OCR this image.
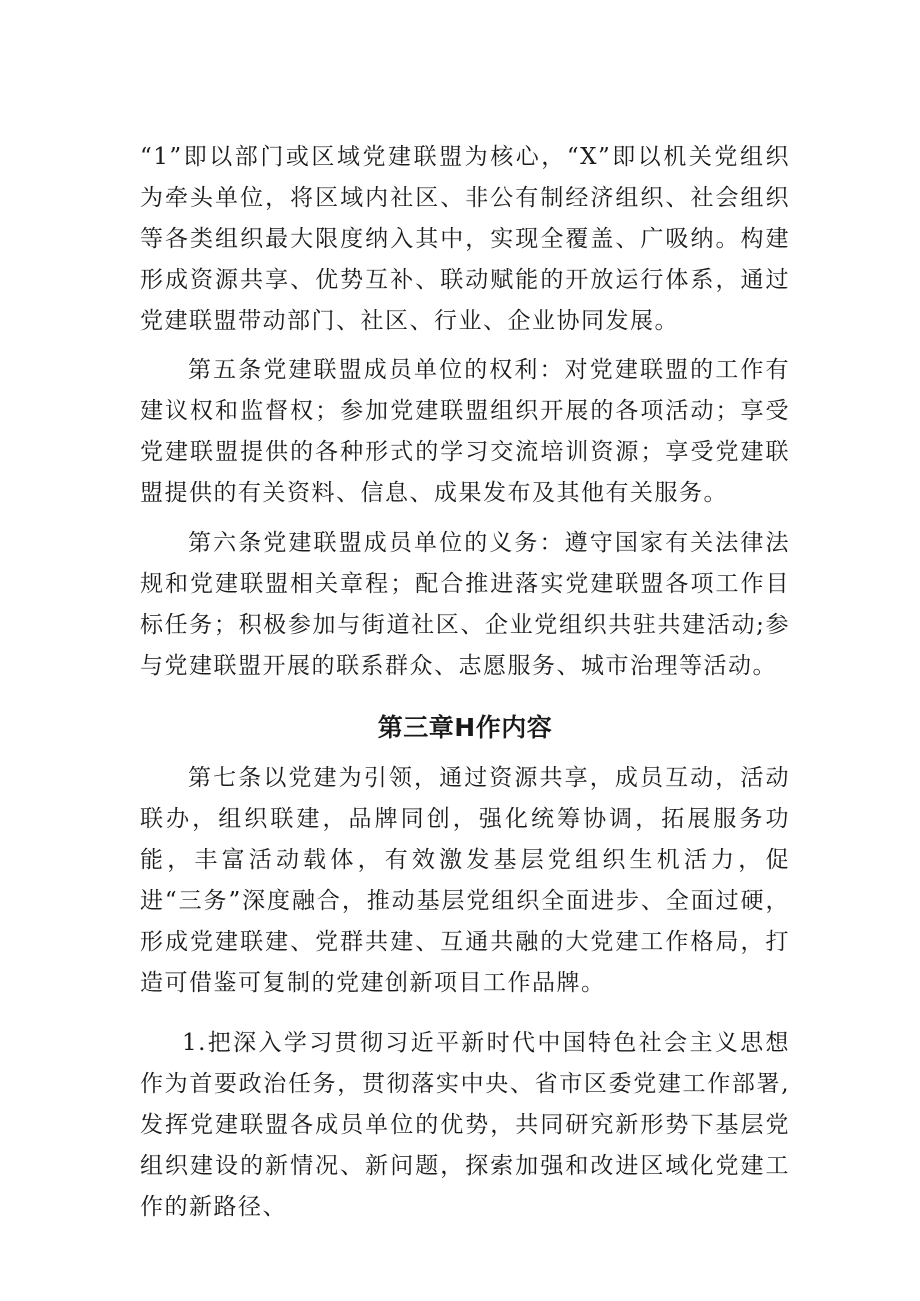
“1”即以部门或区域党建联盟为核心，“X”即以机关党组织为牵头单位，将区域内社区、非公有制经济组织、社会组织等各类组织最大限度纳入其中，实现全覆盖、广吸纳。构建形成资源共享、优势互补、联动赋能的开放运行体系，通过党建联盟带动部门、社区、行业、企业协同发展。

第五条党建联盟成员单位的权利：对党建联盟的工作有建议权和监督权；参加党建联盟组织开展的各项活动；享受党建联盟提供的各种形式的学习交流培训资源；享受党建联盟提供的有关资料、信息、成果发布及其他有关服务。

第六条党建联盟成员单位的义务：遵守国家有关法律法规和党建联盟相关章程；配合推进落实党建联盟各项工作目标任务；积极参加与街道社区、企业党组织共驻共建活动;参与党建联盟开展的联系群众、志愿服务、城市治理等活动。

第三章H作内容

第七条以党建为引领，通过资源共享，成员互动，活动联办，组织联建，品牌同创，强化统筹协调，拓展服务功能，丰富活动载体，有效激发基层党组织生机活力，促进“三务”深度融合，推动基层党组织全面进步、全面过硬，形成党建联建、党群共建、互通共融的大党建工作格局，打造可借鉴可复制的党建创新项目工作品牌。

1.把深入学习贯彻习近平新时代中国特色社会主义思想作为首要政治任务，贯彻落实中央、省市区委党建工作部署,发挥党建联盟各成员单位的优势，共同研究新形势下基层党组织建设的新情况、新问题，探索加强和改进区域化党建工作的新路径、
